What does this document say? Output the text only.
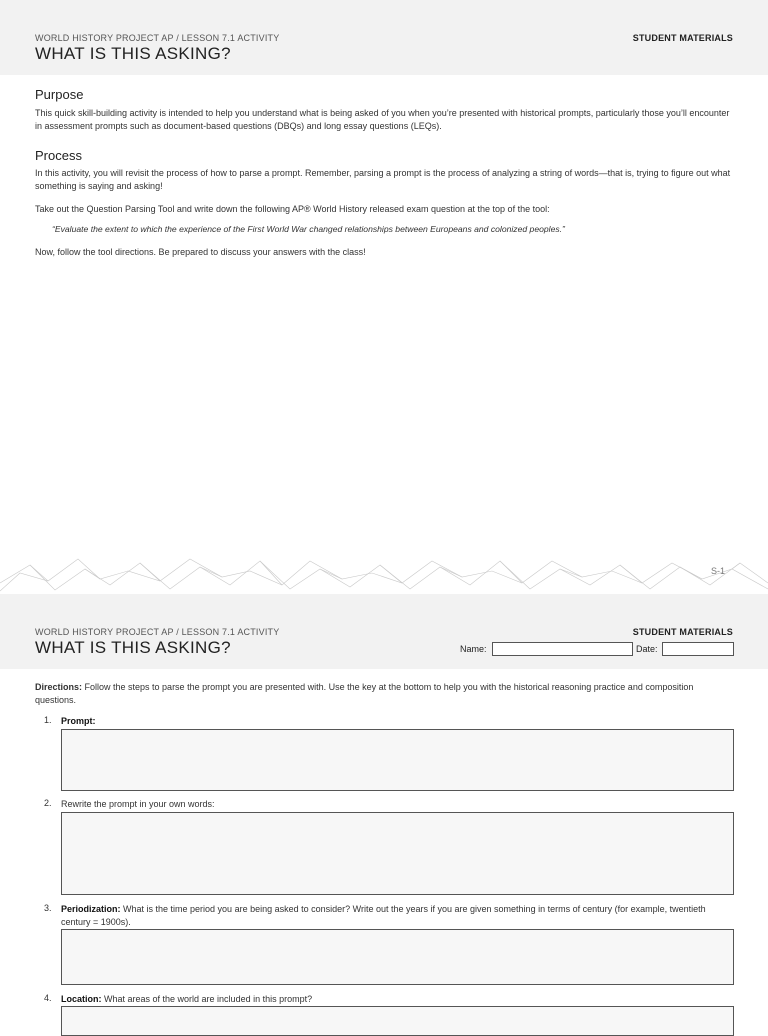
WORLD HISTORY PROJECT AP / LESSON 7.1 ACTIVITY
WHAT IS THIS ASKING?
STUDENT MATERIALS
Purpose

This quick skill-building activity is intended to help you understand what is being asked of you when you’re presented with historical prompts, particularly those you’ll encounter in assessment prompts such as document-based questions (DBQs) and long essay questions (LEQs).

Process

In this activity, you will revisit the process of how to parse a prompt. Remember, parsing a prompt is the process of analyzing a string of words—that is, trying to figure out what something is saying and asking!

Take out the Question Parsing Tool and write down the following AP® World History released exam question at the top of the tool:

“Evaluate the extent to which the experience of the First World War changed relationships between Europeans and colonized peoples.”

Now, follow the tool directions. Be prepared to discuss your answers with the class!

S-1
WORLD HISTORY PROJECT AP / LESSON 7.1 ACTIVITY
WHAT IS THIS ASKING?
STUDENT MATERIALS
Name:	Date:

Directions: Follow the steps to parse the prompt you are presented with. Use the key at the bottom to help you with the historical reasoning practice and composition questions.

1. Prompt:

2. Rewrite the prompt in your own words:

3. Periodization: What is the time period you are being asked to consider? Write out the years if you are given something in terms of century (for example, twentieth century = 1900s).

4. Location: What areas of the world are included in this prompt?
